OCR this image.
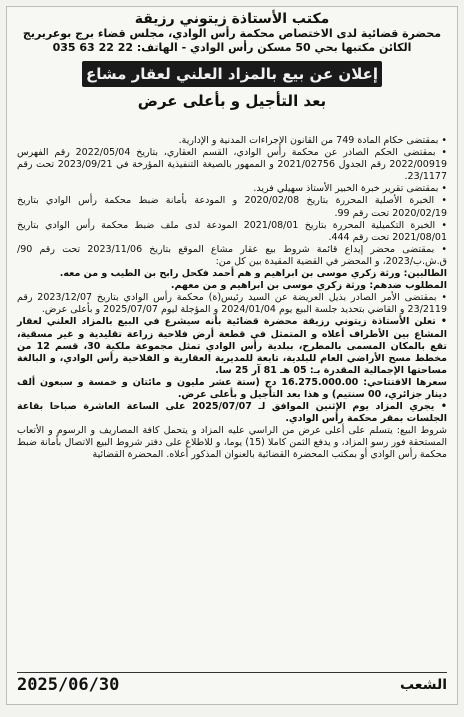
مكتب الأستاذة زيتوني رزيقة
محضرة قضائية لدى الاختصاص محكمة رأس الوادي، مجلس قضاء برج بوعريريج
الكائن مكتبها بحي 50 مسكن رأس الوادي - الهاتف: 22 22 63 035
إعلان عن بيع بالمزاد العلني لعقار مشاع
بعد التأجيل و بأعلى عرض

• بمقتضى حكام المادة 749 من القانون الإجراءات المدنية و الإدارية.

• بمقتضى الحكم الصادر عن محكمة رأس الوادي، القسم العقاري، بتاريخ 2022/05/04 رقم الفهرس 2022/00919 رقم الجدول 2021/02756 و الممهور بالصيغة التنفيذية المؤرخة في 2023/09/21 تحت رقم 23/1177.

• بمقتضى تقرير خبرة الخبير الأستاذ سهيلي فريد.

• الخبرة الأصلية المحررة بتاريخ 2020/02/08 و المودعة بأمانة ضبط محكمة رأس الوادي بتاريخ 2020/02/19 تحت رقم 99.

• الخبرة التكميلية المحررة بتاريخ 2021/08/01 المودعة لدى ملف ضبط محكمة رأس الوادي بتاريخ 2021/08/01 تحت رقم 444.

• بمقتضى محضر إيداع قائمة شروط بيع عقار مشاع الموقع بتاريخ 2023/11/06 تحت رقم 90/ق.ش.ب/2023، و المحضر في القضية المقيدة بين كل من:

الطالبين: ورثة زكري موسى بن ابراهيم و هم أحمد فكحل رابح بن الطيب و من معه.

المطلوب ضدهم: ورثة زكري موسى بن ابراهيم و من معهم.

• بمقتضى الأمر الصادر بذيل العريضة عن السيد رئيس(ة) محكمة رأس الوادي بتاريخ 2023/12/07 رقم 23/2119 و القاضي بتحديد جلسة البيع يوم 2024/01/04 و المؤجلة ليوم 2025/07/07 و بأعلى عرض.

• تعلن الأستاذة زيتوني رزيقة محضرة قضائية بأنه سيشرع في البيع بالمزاد العلني لعقار المشاع بين الأطراف أعلاه و المتمثل في قطعة أرض فلاحية زراعة تقليدية و غير مسقية، تقع بالمكان المسمى بالمطرح، ببلدية رأس الوادي تمثل مجموعة ملكية 30، قسم 12 من مخطط مسح الأراضي العام للبلدية، تابعة للمديرية العقارية و الفلاحية رأس الوادي، و البالغة مساحتها الإجمالية المقدرة بـ: 05 هـ 81 آر 25 سا.

سعرها الافتتاحي: 16.275.000.00 دج (ستة عشر مليون و مائتان و خمسة و سبعون ألف دينار جزائري، 00 سنتيم) و هذا بعد التأجيل و بأعلى عرض.

• يجري المزاد يوم الإثنين الموافق لـ 2025/07/07 على الساعة العاشرة صباحا بقاعة الجلسات بمقر محكمة رأس الوادي.

شروط البيع: يتسلم على أعلى عرض من الراسي عليه المزاد و يتحمل كافة المصاريف و الرسوم و الأتعاب المستحقة فور رسو المزاد، و يدفع الثمن كاملا (15) يوما، و للاطلاع على دفتر شروط البيع الاتصال بأمانة ضبط محكمة رأس الوادي أو بمكتب المحضرة القضائية بالعنوان المذكور أعلاه. المحضرة القضائية

الشعب
2025/06/30
